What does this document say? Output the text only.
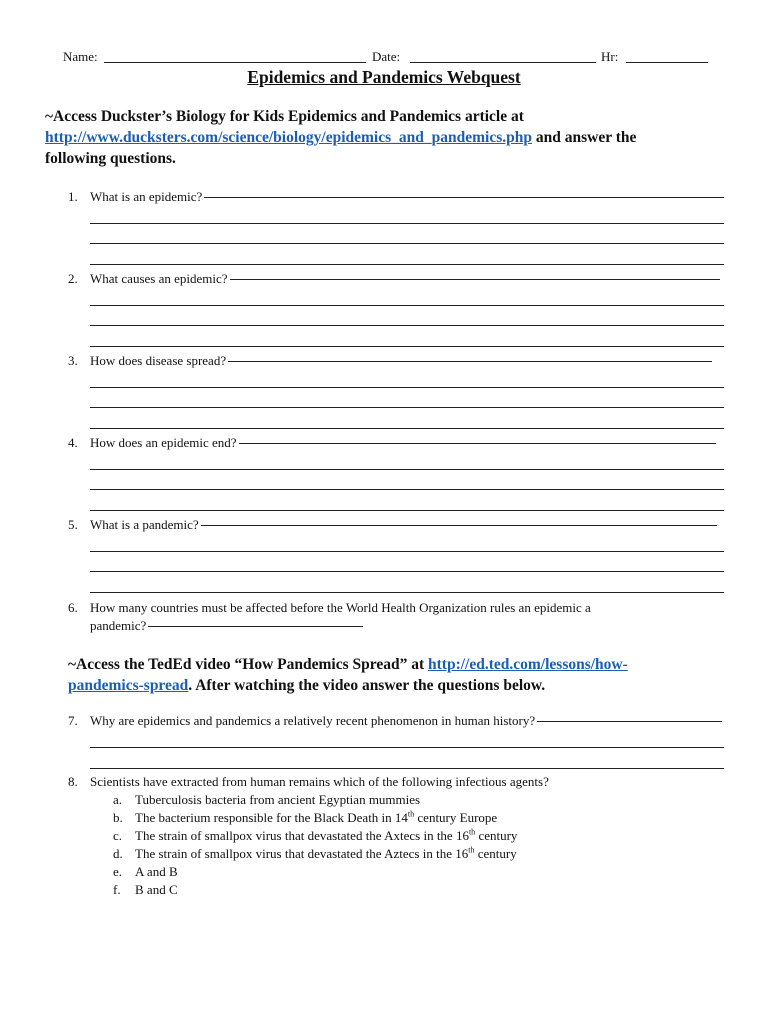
Name:	Date:	Hr:
Epidemics and Pandemics Webquest
~Access Duckster’s Biology for Kids Epidemics and Pandemics article at
http://www.ducksters.com/science/biology/epidemics_and_pandemics.php and answer the
following questions.
1. What is an epidemic?
2. What causes an epidemic?
3. How does disease spread?
4. How does an epidemic end?
5. What is a pandemic?
6. How many countries must be affected before the World Health Organization rules an epidemic a
pandemic?
~Access the TedEd video “How Pandemics Spread” at http://ed.ted.com/lessons/how-
pandemics-spread. After watching the video answer the questions below.
7. Why are epidemics and pandemics a relatively recent phenomenon in human history?
8. Scientists have extracted from human remains which of the following infectious agents?
a. Tuberculosis bacteria from ancient Egyptian mummies
b. The bacterium responsible for the Black Death in 14th century Europe
c. The strain of smallpox virus that devastated the Axtecs in the 16th century
d. The strain of smallpox virus that devastated the Aztecs in the 16th century
e. A and B
f. B and C
